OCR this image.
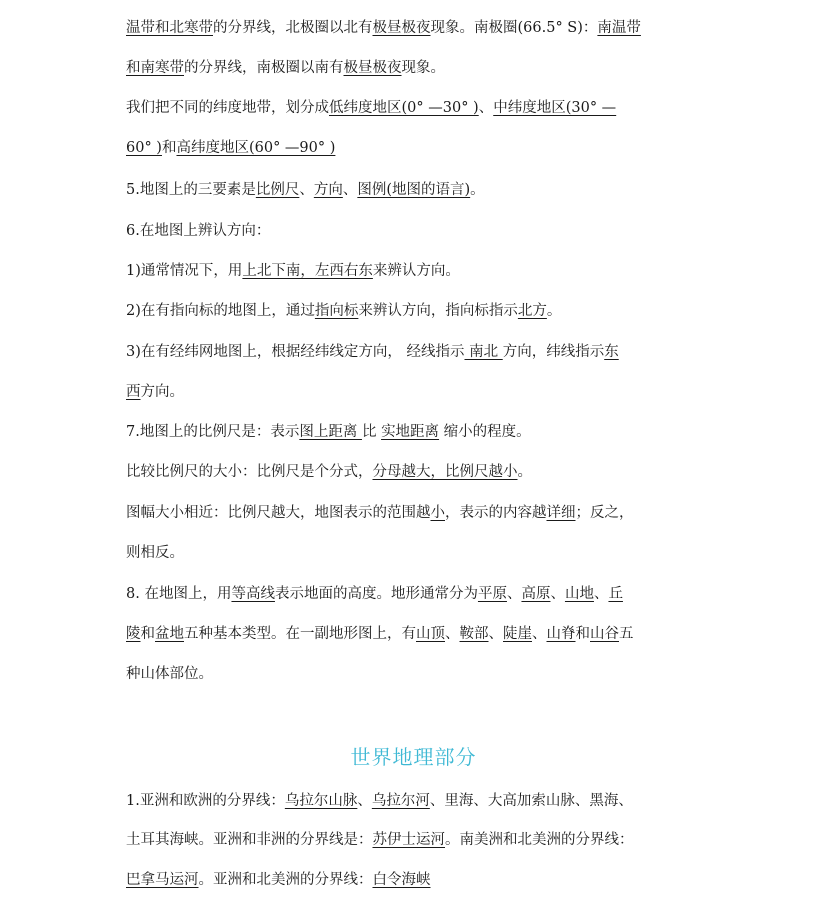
温带和北寒带的分界线，北极圈以北有极昼极夜现象。南极圈(66.5° S)：南温带
和南寒带的分界线，南极圈以南有极昼极夜现象。
我们把不同的纬度地带，划分成低纬度地区(0° —30° )、中纬度地区(30° —
60° )和高纬度地区(60° —90° )
5.地图上的三要素是比例尺、方向、图例(地图的语言)。
6.在地图上辨认方向：
1)通常情况下，用上北下南，左西右东来辨认方向。
2)在有指向标的地图上，通过指向标来辨认方向，指向标指示北方。
3)在有经纬网地图上，根据经纬线定方向， 经线指示 南北 方向，纬线指示东
西方向。
7.地图上的比例尺是：表示图上距离 比 实地距离 缩小的程度。
比较比例尺的大小：比例尺是个分式，分母越大，比例尺越小。
图幅大小相近：比例尺越大，地图表示的范围越小，表示的内容越详细；反之，
则相反。
8. 在地图上，用等高线表示地面的高度。地形通常分为平原、高原、山地、丘
陵和盆地五种基本类型。在一副地形图上，有山顶、鞍部、陡崖、山脊和山谷五
种山体部位。
1.亚洲和欧洲的分界线：乌拉尔山脉、乌拉尔河、里海、大高加索山脉、黑海、
土耳其海峡。亚洲和非洲的分界线是：苏伊士运河。南美洲和北美洲的分界线：
巴拿马运河。亚洲和北美洲的分界线：白令海峡
世界地理部分
